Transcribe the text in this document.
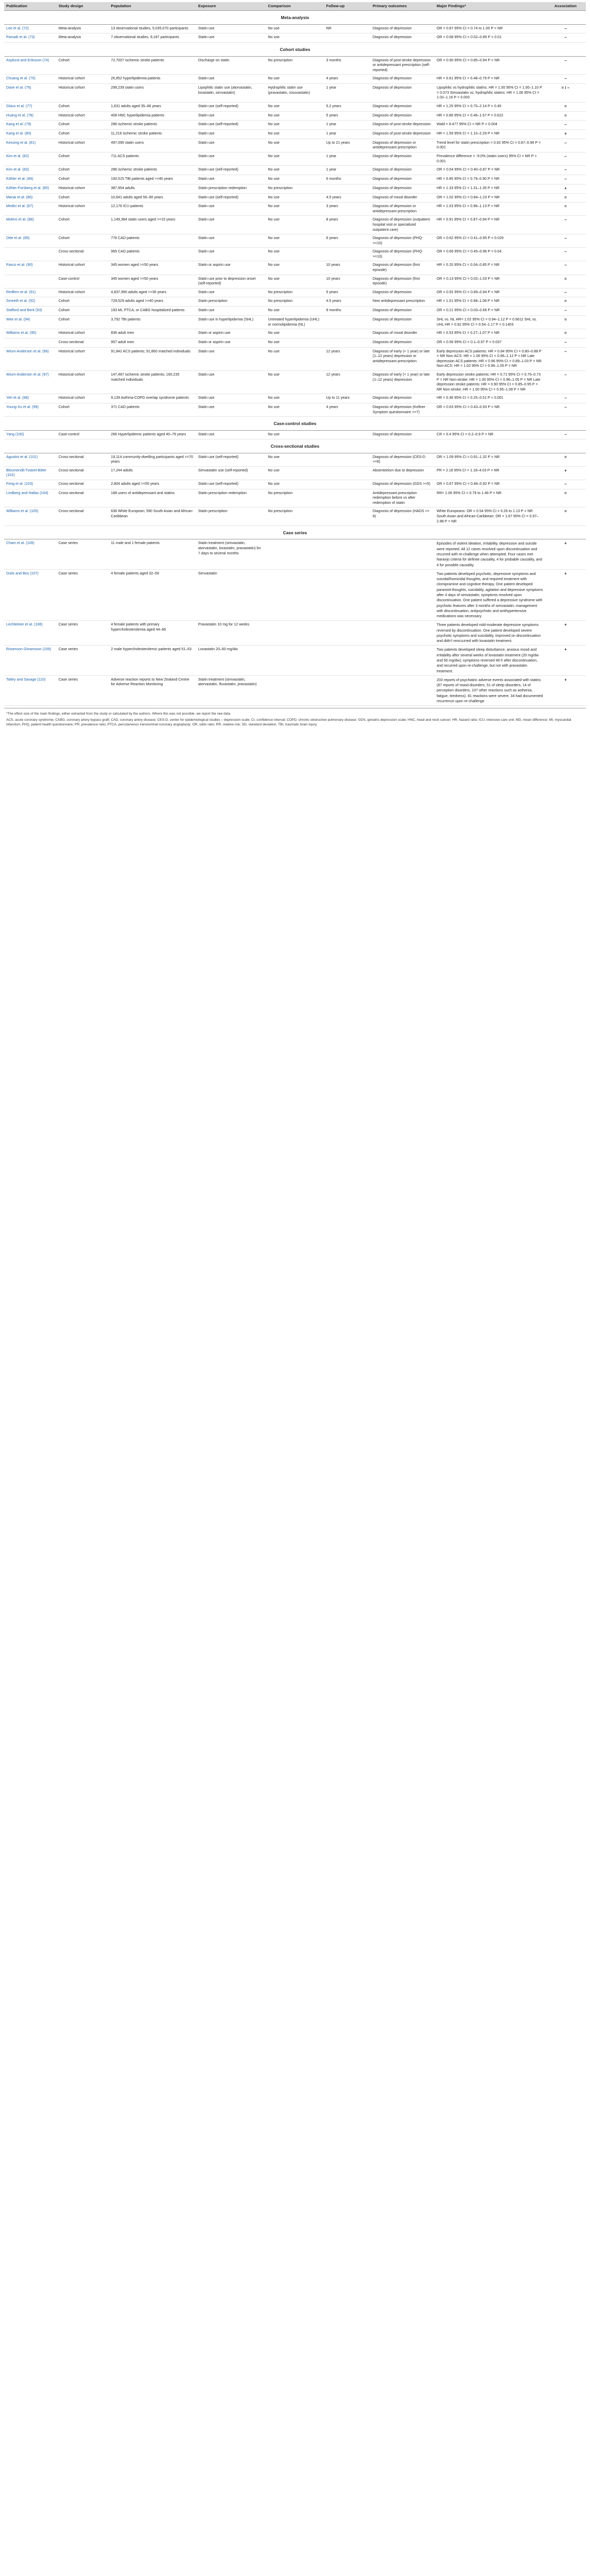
Publication	Study design	Population	Exposure	Comparison	Follow-up	Primary outcomes	Major Findings*	Association
Meta-analysis								
Lee et al. (72)	Meta-analysis	13 observational studies, 5,035,070 participants	Statin use	No use	NR	Diagnosis of depression	OR = 0.87 95% CI = 0.74 to 1.00 P = NR	–
Parsaik et al. (73)	Meta-analysis	7 observational studies, 9,187 participants	Statin use	No use		Diagnosis of depression	OR = 0.68 95% CI = 0.52–0.89 P = 0.01	–
Cohort studies								
Asplund and Eriksson (74)	Cohort	72,7007 ischemic stroke patients	Discharge on statin	No prescription	3 months	Diagnosis of post-stroke depression or antidepressant prescription (self-reported)	OR = 0.90 95% CI = 0.85–0.94 P = NR	–
Chuang et al. (75)	Historical cohort	26,852 hyperlipidemia patients	Statin use	No use	4 years	Diagnosis of depression	HR = 0.61 95% CI = 0.48–0.79 P = NR	–
Dave et al. (76)	Historical cohort	299,239 statin users	Lipophilic statin use (atorvastatin, lovastatin, simvastatin)	Hydrophilic statin use (pravastatin, rosuvastatin)	1 year	Diagnosis of depression	Lipophilic vs hydrophilic statins: HR = 1.00 95% CI = 1.00–1.10 P = 0.073 Simvastatin vs. hydrophilic statins: HR = 1.06 95% CI = 1.02–1.16 P = 0.003	= / –
Glaus et al. (77)	Cohort	1,631 adults aged 35–66 years	Statin use (self-reported)	No use	5.2 years	Diagnosis of depression	HR = 1.25 95% CI = 0.70–2.14 P = 0.45	=
Huang et al. (78)	Historical cohort	408 HNC hyperlipidemia patients	Statin use	No use	5 years	Diagnosis of depression	HR = 0.86 95% CI = 0.46–1.57 P = 0.622	=
Kang et al. (79)	Cohort	286 ischemic stroke patients	Statin use (self-reported)	No use	1 year	Diagnosis of post-stroke depression	Wald = 8.477 95% CI = NR P = 0.004	–
Kang et al. (80)	Cohort	11,216 ischemic stroke patients	Statin use	No use	1 year	Diagnosis of post-stroke depression	HR = 1.59 95% CI = 1.10–2.29 P = NR	+
Kessing et al. (81)	Historical cohort	497,095 statin users	Statin use	No use	Up to 21 years	Diagnosis of depression or antidepressant prescription	Trend level for statin prescription = 0.92 95% CI = 0.87–0.96 P = 0.001	–
Kim et al. (82)	Cohort	711 ACS patients	Statin use	No use	1 year	Diagnosis of depression	Prevalence difference = -9.0% (statin users) 95% CI = NR P = 0.001	–
Kim et al. (83)	Cohort	286 ischemic stroke patients	Statin use (self-reported)	No use	1 year	Diagnosis of depression	OR = 0.54 95% CI = 0.40–0.87 P = NR	–
Köhler et al. (84)	Cohort	100,515 TBI patients aged >=40 years	Statin use	No use	6 months	Diagnosis of depression	HR = 0.85 95% CI = 0.79–0.90 P = NR	–
Köhler-Forsberg et al. (85)	Historical cohort	387,954 adults	Statin prescription redemption	No prescription		Diagnosis of depression	HR = 1.33 95% CI = 1.31–1.35 P = NR	+
Manai et al. (86)	Cohort	10,641 adults aged 50–90 years	Statin use (self-reported)	No use	4.5 years	Diagnosis of mood disorder	OR = 1.02 95% CI = 0.84–1.23 P = NR	=
Medici et al. (87)	Historical cohort	12,176 ICU patients	Statin use	No use	3 years	Diagnosis of depression or antidepressant prescription	HR = 1.03 95% CI = 0.96–1.13 P = NR	=
Molero et al. (88)	Cohort	1,149,384 statin users aged >=15 years	Statin use	No use	8 years	Diagnosis of depression (outpatient hospital visit or specialized outpatient care)	HR = 0.91 95% CI = 0.87–0.94 P = NR	–
Otte et al. (89)	Cohort	776 CAD patients	Statin use	No use	6 years	Diagnosis of depression (PHQ->=10)	OR = 0.62 95% CI = 0.41–0.95 P = 0.029	–
	Cross-sectional	965 CAD patients	Statin use	No use		Diagnosis of depression (PHQ->=10)	OR = 0.66 95% CI = 0.45–0.96 P = 0.04	–
Pasco et al. (90)	Historical cohort	345 women aged >=50 years	Statin or aspirin use	No use	10 years	Diagnosis of depression (first episode)	HR = 0.20 95% CI = 0.04–0.85 P = NR	–
	Case-control	345 women aged >=50 years	Statin use prior to depression onset (self-reported)	No use	10 years	Diagnosis of depression (first episode)	OR = 0.13 95% CI = 0.02–1.03 P = NR	=
Redfern et al. (91)	Historical cohort	4,837,990 adults aged >=35 years	Statin use	No prescription	5 years	Diagnosis of depression	OR = 0.92 95% CI = 0.89–0.94 P = NR	–
Smeeth et al. (92)	Cohort	729,529 adults aged >=40 years	Statin prescription	No prescription	4.5 years	New antidepressant prescription	HR = 1.01 95% CI = 0.98–1.08 P = NR	=
Stafford and Berk (93)	Cohort	193 MI, PTCA, or CABG hospitalized patients	Statin use	No use	9 months	Diagnosis of depression	OR = 0.21 95% CI = 0.03–0.66 P = NR	–
Wee et al. (94)	Cohort	3,792 TBI patients	Statin use in hyperlipidemia (SHL)	Untreated hyperlipidemia (UHL) or normolipidemia (NL)		Diagnosis of depression	SHL vs. NL HR= 1.02 95% CI = 0.94–1.12 P = 0.6611 SHL vs. UHL HR = 0.82 95% CI = 0.54–1.17 P = 0.1403	=
Williams et al. (95)	Historical cohort	836 adult men	Statin or aspirin use	No use		Diagnosis of mood disorder	HR = 0.53 95% CI = 0.27–1.07 P = NR	=
	Cross-sectional	957 adult men	Statin or aspirin use	No use		Diagnosis of depression	OR = 0.56 95% CI = 0.1–0.97 P = 0.037	–
Wium-Andersen et al. (96)	Historical cohort	91,842 ACS patients; 91,860 matched individuals	Statin use	No use	12 years	Diagnosis of early (< 1 year) or late (1–12 years) depression or antidepressant prescription	Early depression ACS patients: HR = 0.84 95% CI = 0.80–0.88 P = NR Non-ACS: HR = 1.06 95% CI = 0.96–1.12 P = NR Late depression ACS patients: HR = 0.96 95% CI = 0.89–1.03 P = NR Non-ACS: HR = 1.02 95% CI = 0.96–1.05 P = NR	–
Wium-Andersen et al. (97)	Historical cohort	147,487 ischemic stroke patients; 160,235 matched individuals	Statin use	No use	12 years	Diagnosis of early (< 1 year) or late (1–12 years) depression	Early depression stroke patients: HR = 0.71 95% CI = 0.70–0.73 P = NR Non-stroke: HR = 1.00 95% CI = 0.96–1.05 P = NR Late depression stroke patients: HR = 0.90 95% CI = 0.85–0.95 P = NR Non-stroke: HR = 1.00 95% CI = 0.95–1.08 P = NR	–
Yeh et al. (98)	Historical cohort	9,139 Asthma-COPD overlap syndrome patients	Statin use	No use	Up to 11 years	Diagnosis of depression	HR = 0.36 95% CI = 0.25–0.51 P < 0.001	–
Young-Xu et al. (99)	Cohort	371 CAD patients	Statin use	No use	4 years	Diagnosis of depression (Kellner Symptom questionnaire >=7)	OR = 0.63 95% CI = 0.43–0.93 P = NR	–
Case-control studies								
Yang (100)	Case-control	266 Hyperlipidemic patients aged 40–79 years	Statin use	No use		Diagnosis of depression	CR = 0.4 95% CI = 0.2–0.9 P = NR	–
Cross-sectional studies								
Agustini et al. (101)	Cross-sectional	19,114 community-dwelling participants aged >=70 years	Statin use (self-reported)	No use		Diagnosis of depression (CES-D >=8)	OR = 1.09 95% CI = 0.91–1.32 P = NR	=
Bloumendli-Tutarel-Bitter (102)	Cross-sectional	17,244 adults	Simvastatin use (self-reported)	No use		Absenteeism due to depression	PR = 2.18 95% CI = 1.18–4.03 P = NR	+
Feng et al. (103)	Cross-sectional	2,804 adults aged >=55 years	Statin use (self-reported)	No use		Diagnosis of depression (GDS >=5)	OR = 0.67 95% CI = 0.48–0.92 P = NR	–
Lindberg and Hallas (104)	Cross-sectional	168 users of antidepressant and statins	Statin prescription redemption	No prescription		Antidepressant prescription redemption before vs after redemption of statin	RR= 1.06 95% CI = 0.79 to 1.46 P = NR	=
Williams et al. (105)	Cross-sectional	636 White European; 590 South Asian and African-Caribbean	Statin prescription	No prescription		Diagnosis of depression (HADS >= 8)	White Europeans: OR = 0.54 95% CI = 0.26 to 1.13 P = NR South Asian and African-Caribbean: OR = 1.67 95% CI = 0.97–2.88 P = NR	=
Case series								
Cham et al. (106)	Case series	11 male and 1 female patients	Statin treatment (simvastatin, atorvastatin, lovastatin, pravastatin) for 7 days to several months				Episodes of violent ideation, irritability, depression and suicide were reported. All 12 cases resolved upon discontinuation and recurred with re-challenge when attempted. Four cases met Naranjo criteria for definite causality, 4 for probable causality, and 4 for possible causality.	+
Duits and Bos (107)	Case series	4 female patients aged 32–59	Simvastatin				Two patients developed psychotic, depressive symptoms and suicidal/homicidal thoughts, and required treatment with clomipramine and cognitive therapy. One patient developed paranoid thoughts, suicidality, agitation and depressive symptoms after 4 days of simvastatin; symptoms resolved upon discontinuation. One patient suffered a depressive syndrome with psychotic features after 3 months of simvastatin; management with discontinuation, antipsychotic and antihypertensive medications was necessary.	+
Lechleitner et al. (108)	Case series	4 female patients with primary hypercholesterolemia aged 44–66	Pravastatin 10 mg for 12 weeks				Three patients developed mild-moderate depressive symptoms reversed by discontinuation. One patient developed severe psychotic symptoms and suicidality, improved on discontinuation and didn't reoccurred with lovastatin treatment.	+
Rosenson Göransson (109)	Case series	2 male hypercholesterolemic patients aged 51–53	Lovastatin 20–60 mg/dw				Two patients developed sleep disturbance, anxious mood and irritability after several weeks of lovastatin treatment (20 mg/dw and 60 mg/dw); symptoms reversed 48 h after discontinuation, and recurred upon re-challenge, but not with pravastatin treatment.	+
Tatley and Savage (110)	Case series	Adverse reaction reports to New Zealand Centre for Adverse Reaction Monitoring	Statin treatment (simvastatin, atorvastatin, fluvastatin, pravastatin)				203 reports of psychiatric adverse events associated with statins (87 reports of mood disorders, 51 of sleep disorders, 14 of perception disorders, 107 other reactions such as asthenia, fatigue, tiredness). 81 reactions were severe, 34 had documented recurrence upon re-challenge	+

*The effect size of the main findings, either extracted from the study or calculated by the authors. Where this was not possible, we report the raw data.

ACS, acute coronary syndrome; CABG, coronary artery bypass graft; CAD, coronary artery disease; CES-D, center for epidemiological studies – depression scale; CI, confidence interval; COPD, chronic obstructive pulmonary disease; GDS, geriatric depression scale; HNC, head and neck cancer; HR, hazard ratio; ICU, intensive care unit; MD, mean difference; MI, myocardial infarction; PHQ, patient health questionnaire; PR, prevalence ratio; PTCA, percutaneous transluminal coronary angioplasty; OR, odds ratio; RR, relative risk; SD, standard deviation; TBI, traumatic brain injury.
